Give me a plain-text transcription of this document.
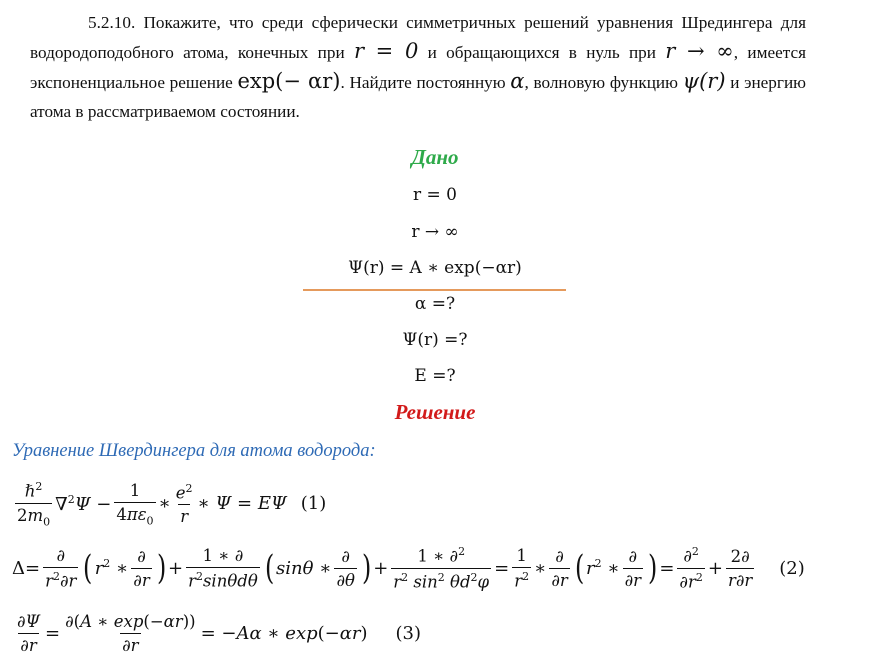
5.2.10. Покажите, что среди сферически симметричных решений уравнения Шредингера для водородоподобного атома, конечных при r = 0 и обращающихся в нуль при r → ∞, имеется экспоненциальное решение exp(− αr). Найдите постоянную α, волновую функцию ψ(r) и энергию атома в рассматриваемом состоянии.
Дано
r = 0
r → ∞
Ψ(r) = A ∗ exp(−αr)
α =?
Ψ(r) =?
E =?
Решение
Уравнение Швердингера для атома водорода:
$\frac{\hbar^2}{2m_0} \nabla^2\Psi - \frac{1}{4\pi\varepsilon_0}$ ∗ $\frac{e^2}{r}$ ∗ Ψ = EΨ (1)
$\Delta= \frac{\partial}{r^2\partial r}$ ( $r^2$ ∗ $\frac{\partial}{\partial r}$ ) + $\frac{1 ∗ \partial}{r^2\sin\theta d\theta}$ ( sinθ ∗ $\frac{\partial}{\partial\theta}$ ) + $\frac{1 ∗ \partial^2}{r^2 \sin^2 \theta d^2\varphi} = \frac{1}{r^2}$ ∗ $\frac{\partial}{\partial r}$ ( $r^2$ ∗ $\frac{\partial}{\partial r}$ ) = $\frac{\partial^2}{\partial r^2} + \frac{2\partial}{r\partial r} (2)$
$\frac{\partial\Psi}{\partial r} = \frac{\partial(A ∗ \exp(-\alpha r))}{\partial r} = -A\alpha$ ∗ exp(−αr) (3)
